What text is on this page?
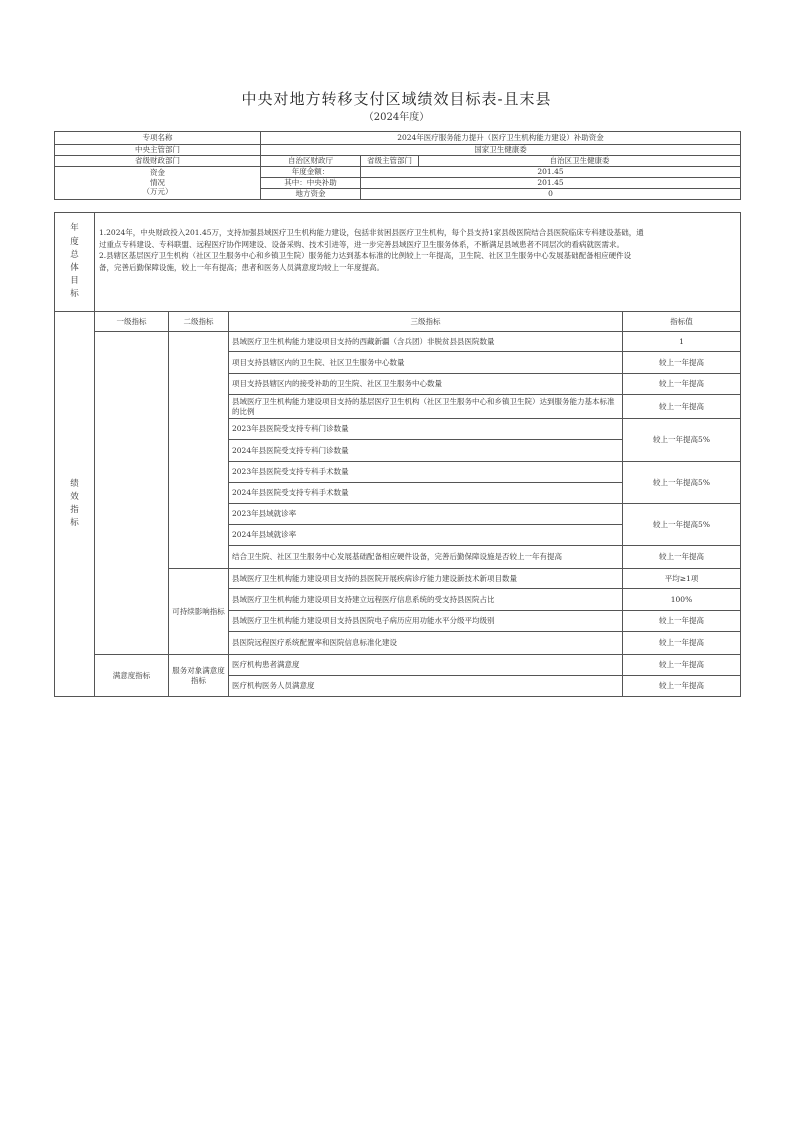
中央对地方转移支付区域绩效目标表-且末县
（2024年度）

专项名称	2024年医疗服务能力提升（医疗卫生机构能力建设）补助资金		
中央主管部门	国家卫生健康委		
省级财政部门	自治区财政厅	省级主管部门	自治区卫生健康委

资金
情况
（万元）	年度金额：	201.45	
	其中：中央补助	201.45	
	地方资金	0	
年
度
总
体
目
标

1.2024年，中央财政投入201.45万，支持加强县域医疗卫生机构能力建设，包括非贫困县医疗卫生机构，每个县支持1家县级医院结合县医院临床专科建设基础，通
过重点专科建设、专科联盟、远程医疗协作网建设、设备采购、技术引进等，进一步完善县域医疗卫生服务体系，不断满足县域患者不同层次的看病就医需求。
2.县辖区基层医疗卫生机构（社区卫生服务中心和乡镇卫生院）服务能力达到基本标准的比例较上一年提高，卫生院、社区卫生服务中心发展基础配备相应硬件设
备，完善后勤保障设施，较上一年有提高；患者和医务人员满意度均较上一年度提高。
绩
效
指
标	一级指标	二级指标	三级指标	指标值
			县域医疗卫生机构能力建设项目支持的西藏新疆（含兵团）非脱贫县县医院数量	1
			项目支持县辖区内的卫生院、社区卫生服务中心数量	较上一年提高
			项目支持县辖区内的接受补助的卫生院、社区卫生服务中心数量	较上一年提高
			县域医疗卫生机构能力建设项目支持的基层医疗卫生机构（社区卫生服务中心和乡镇卫生院）达到服务能力基本标准的比例	较上一年提高
			2023年县医院受支持专科门诊数量	较上一年提高5%
			2024年县医院受支持专科门诊数量	
			2023年县医院受支持专科手术数量	较上一年提高5%
			2024年县医院受支持专科手术数量	
			2023年县域就诊率	较上一年提高5%
			2024年县域就诊率	
			结合卫生院、社区卫生服务中心发展基础配备相应硬件设备，完善后勤保障设施是否较上一年有提高	较上一年提高
		可持续影响指标	县域医疗卫生机构能力建设项目支持的县医院开展疾病诊疗能力建设新技术新项目数量	平均≥1项
			县域医疗卫生机构能力建设项目支持建立远程医疗信息系统的受支持县医院占比	100%
			县域医疗卫生机构能力建设项目支持县医院电子病历应用功能水平分级平均级别	较上一年提高
			县医院远程医疗系统配置率和医院信息标准化建设	较上一年提高
	满意度指标	服务对象满意度指标	医疗机构患者满意度	较上一年提高
			医疗机构医务人员满意度	较上一年提高
